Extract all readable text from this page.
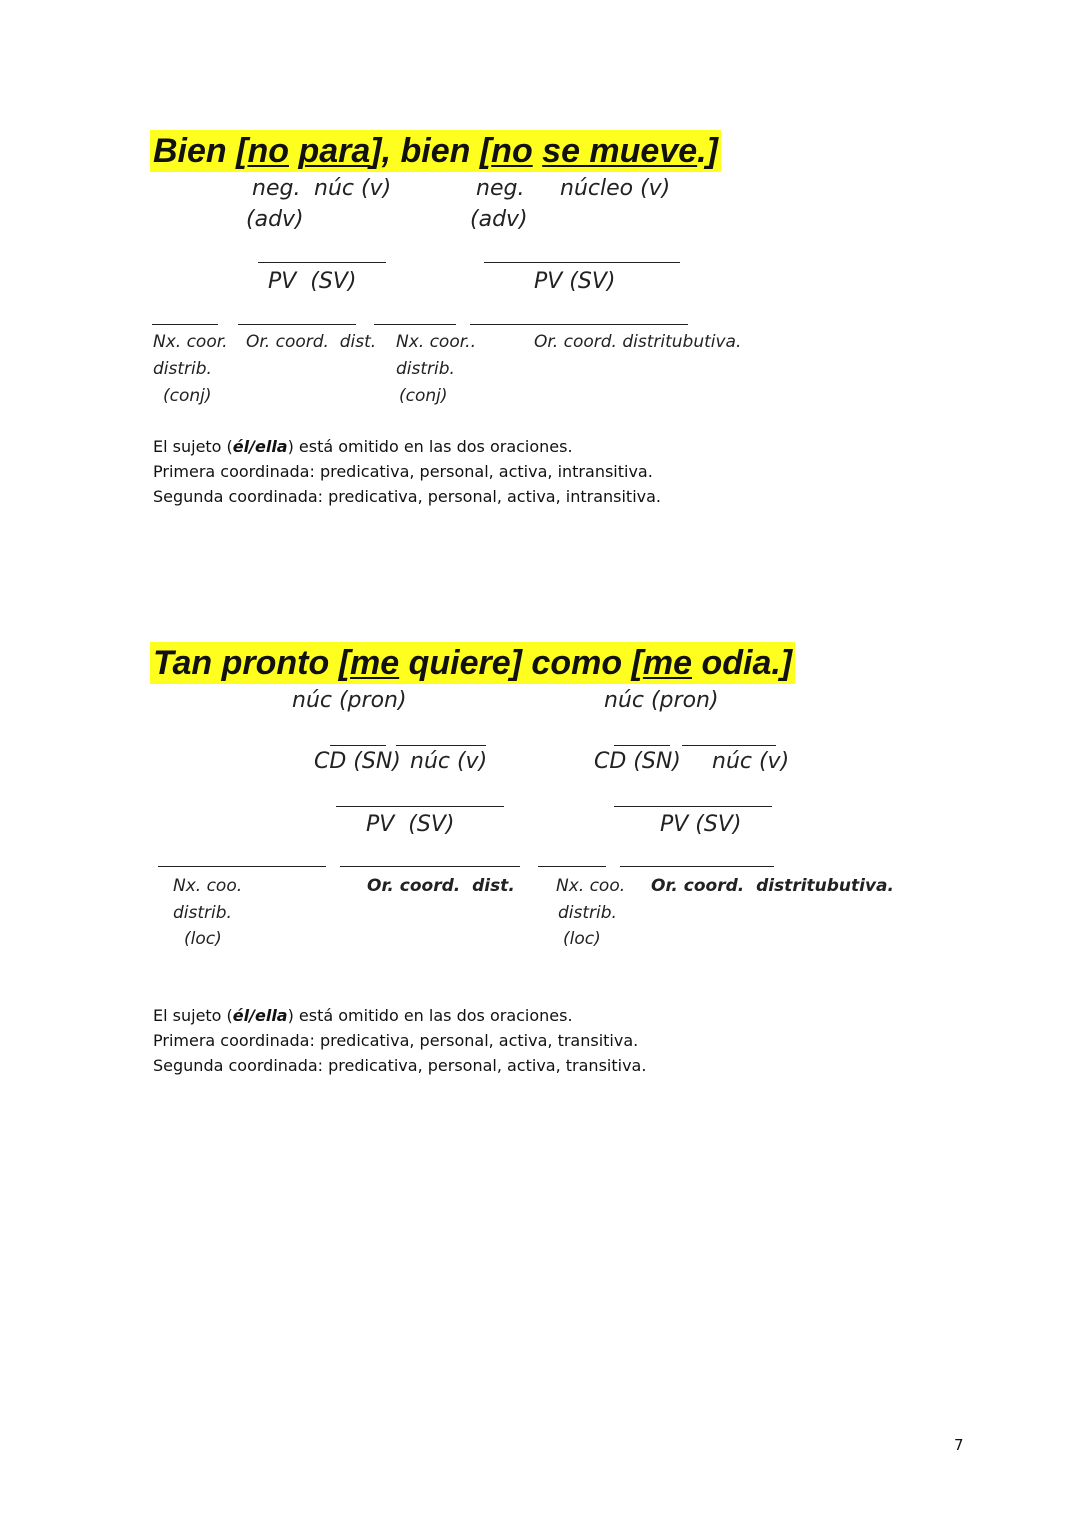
Bien [no para], bien [no se mueve.]
neg. núc (v)
(adv)
neg. núcleo (v)
(adv)
PV  (SV)	PV (SV)
Nx. coor.
distrib.
(conj)
Or. coord.  dist. Nx. coor..
distrib.
(conj)
Or. coord. distritubutiva.
El sujeto (él/ella) está omitido en las dos oraciones.
Primera coordinada: predicativa, personal, activa, intransitiva.
Segunda coordinada: predicativa, personal, activa, intransitiva.
Tan pronto [me quiere] como [me odia.]
núc (pron)	núc (pron)
CD (SN) núc (v)	CD (SN) núc (v)
PV  (SV)	PV (SV)
Nx. coo.
distrib.
(loc)
Or. coord.  dist. Nx. coo.
distrib.
(loc)
Or. coord.  distritubutiva.
El sujeto (él/ella) está omitido en las dos oraciones.
Primera coordinada: predicativa, personal, activa, transitiva.
Segunda coordinada: predicativa, personal, activa, transitiva.
7
